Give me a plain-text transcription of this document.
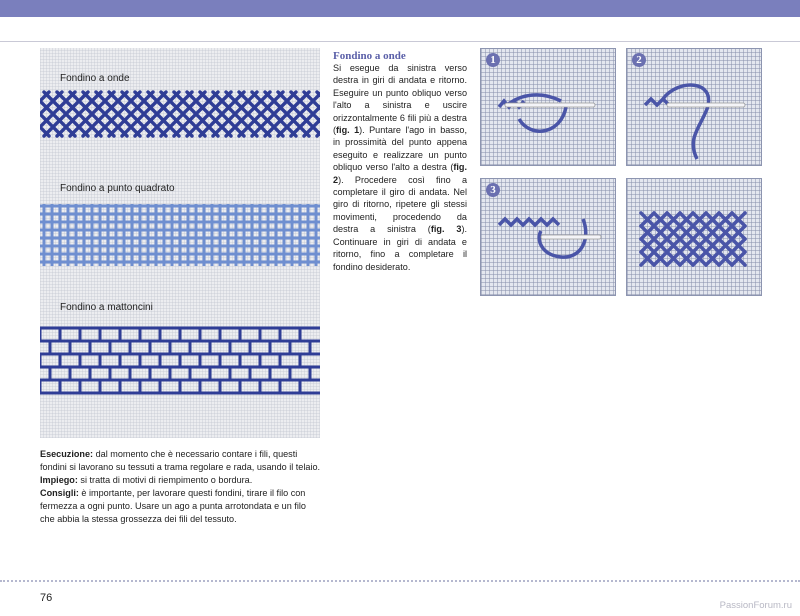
Fondino a onde
Fondino a punto quadrato
Fondino a mattoncini
Esecuzione: dal momento che è necessario contare i fili, questi fondini si lavorano su tessuti a trama regolare e rada, usando il telaio.
Impiego: si tratta di motivi di riempimento o bordura.
Consigli: è importante, per lavorare questi fondini, tirare il filo con fermezza a ogni punto. Usare un ago a punta arrotondata e un filo che abbia la stessa grossezza dei fili del tessuto.
Fondino a onde
Si esegue da sinistra verso destra in giri di andata e ritorno. Eseguire un punto obliquo verso l'alto a sinistra e uscire orizzontalmente 6 fili più a destra (fig. 1). Puntare l'ago in basso, in prossimità del punto appena eseguito e realizzare un punto obliquo verso l'alto a destra (fig. 2). Procedere così fino a completare il giro di andata. Nel giro di ritorno, ripetere gli stessi movimenti, procedendo da destra a sinistra (fig. 3). Continuare in giri di andata e ritorno, fino a completare il fondino desiderato.
1	2
3
76
PassionForum.ru
